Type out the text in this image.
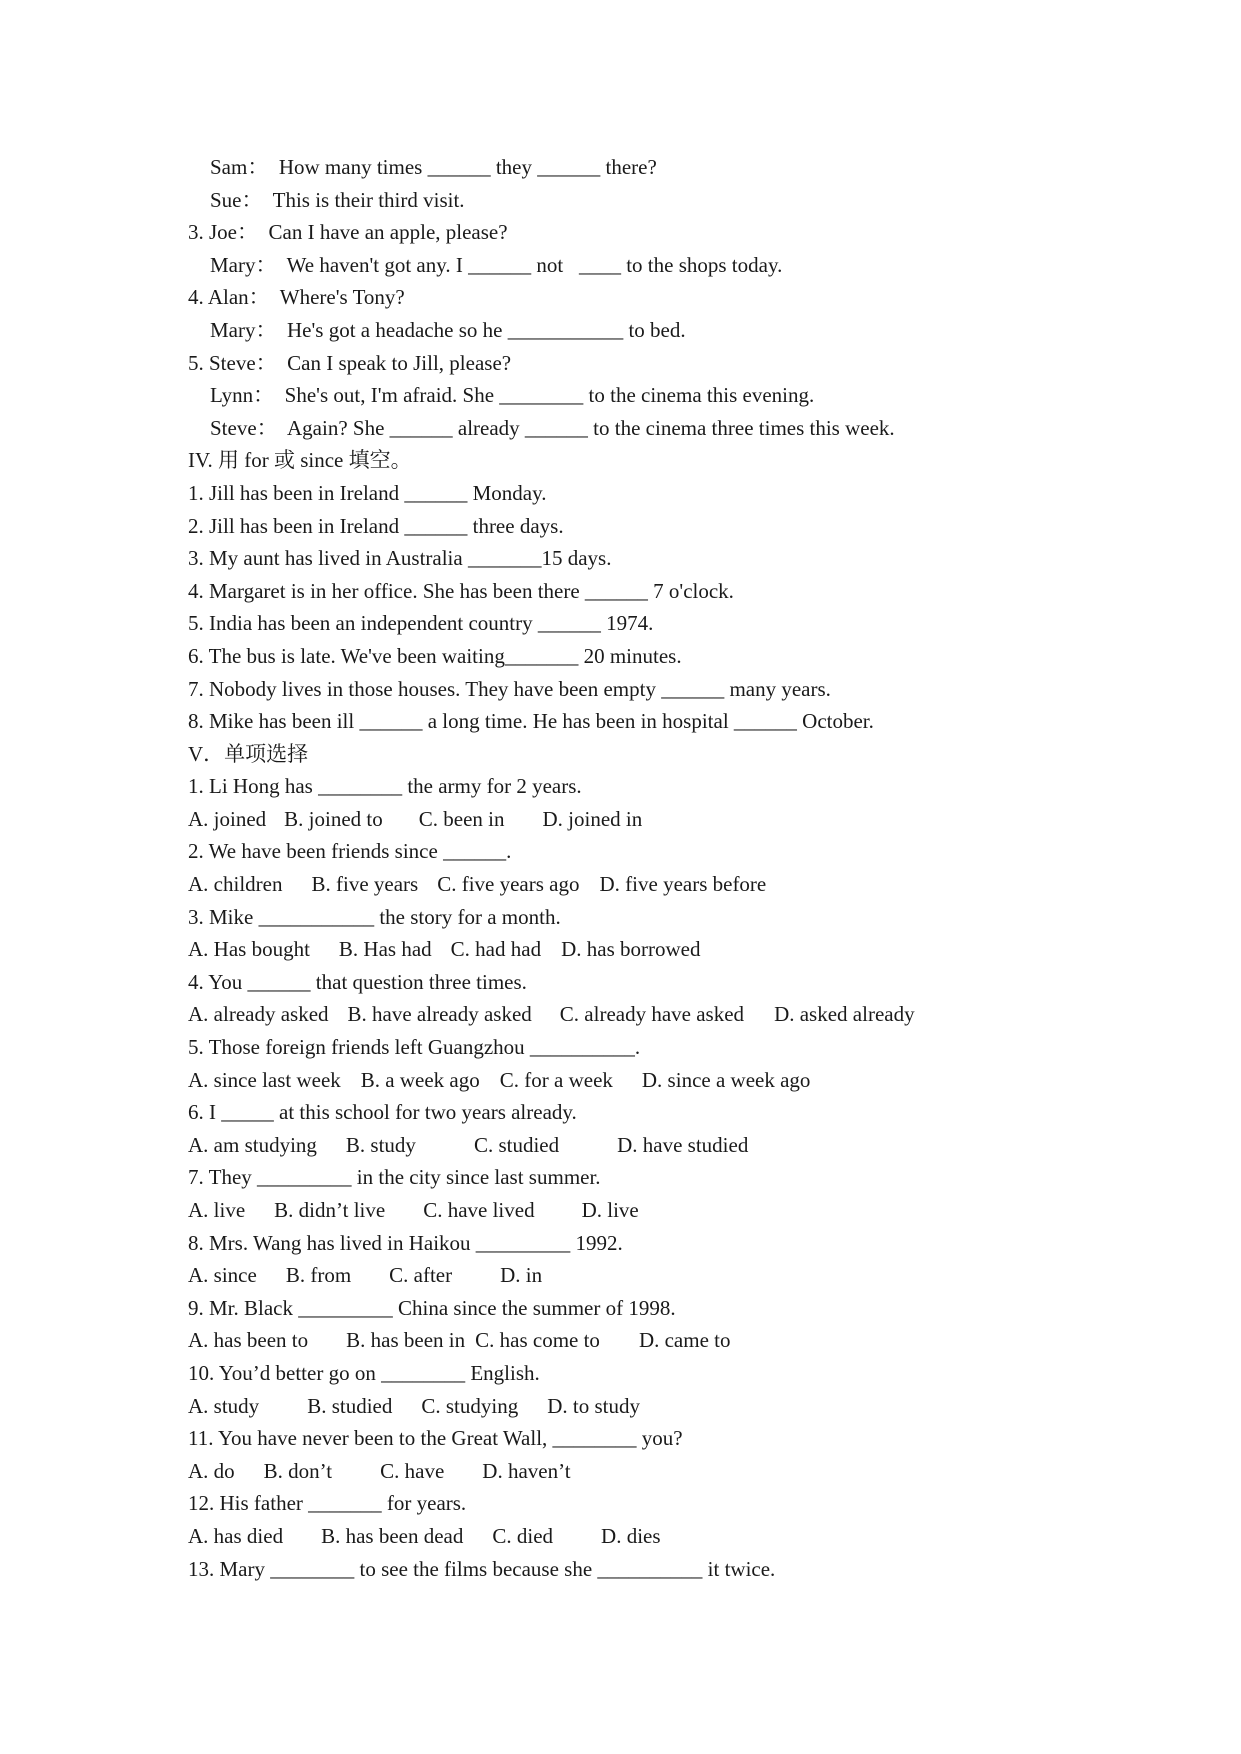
Sam：  How many times ______ they ______ there?
Sue：  This is their third visit.
3. Joe：  Can I have an apple, please?
Mary：  We haven't got any. I ______ not   ____ to the shops today.
4. Alan：  Where's Tony?
Mary：  He's got a headache so he ___________ to bed.
5. Steve：  Can I speak to Jill, please?
Lynn：  She's out, I'm afraid. She ________ to the cinema this evening.
Steve：  Again? She ______ already ______ to the cinema three times this week.
IV. 用 for 或 since 填空。
1. Jill has been in Ireland ______ Monday.
2. Jill has been in Ireland ______ three days.
3. My aunt has lived in Australia _______15 days.
4. Margaret is in her office. She has been there ______ 7 o'clock.
5. India has been an independent country ______ 1974.
6. The bus is late. We've been waiting_______ 20 minutes.
7. Nobody lives in those houses. They have been empty ______ many years.
8. Mike has been ill ______ a long time. He has been in hospital ______ October.
V．单项选择
1. Li Hong has ________ the army for 2 years.
A. joined B. joined to C. been in D. joined in
2. We have been friends since ______.
A. children B. five years C. five years ago D. five years before
3. Mike ___________ the story for a month.
A. Has bought B. Has had C. had had D. has borrowed
4. You ______ that question three times.
A. already asked B. have already asked C. already have asked D. asked already
5. Those foreign friends left Guangzhou __________.
A. since last week B. a week ago C. for a week D. since a week ago
6. I _____ at this school for two years already.
A. am studying B. study	C. studied	D. have studied
7. They _________ in the city since last summer.
A. live B. didn’t live C. have lived D. live
8. Mrs. Wang has lived in Haikou _________ 1992.
A. since B. from C. after D. in
9. Mr. Black _________ China since the summer of 1998.
A. has been to B. has been in C. has come to D. came to
10. You’d better go on ________ English.
A. study B. studied C. studying D. to study
11. You have never been to the Great Wall, ________ you?
A. do B. don’t C. have D. haven’t
12. His father _______ for years.
A. has died B. has been dead C. died D. dies
13. Mary ________ to see the films because she __________ it twice.
